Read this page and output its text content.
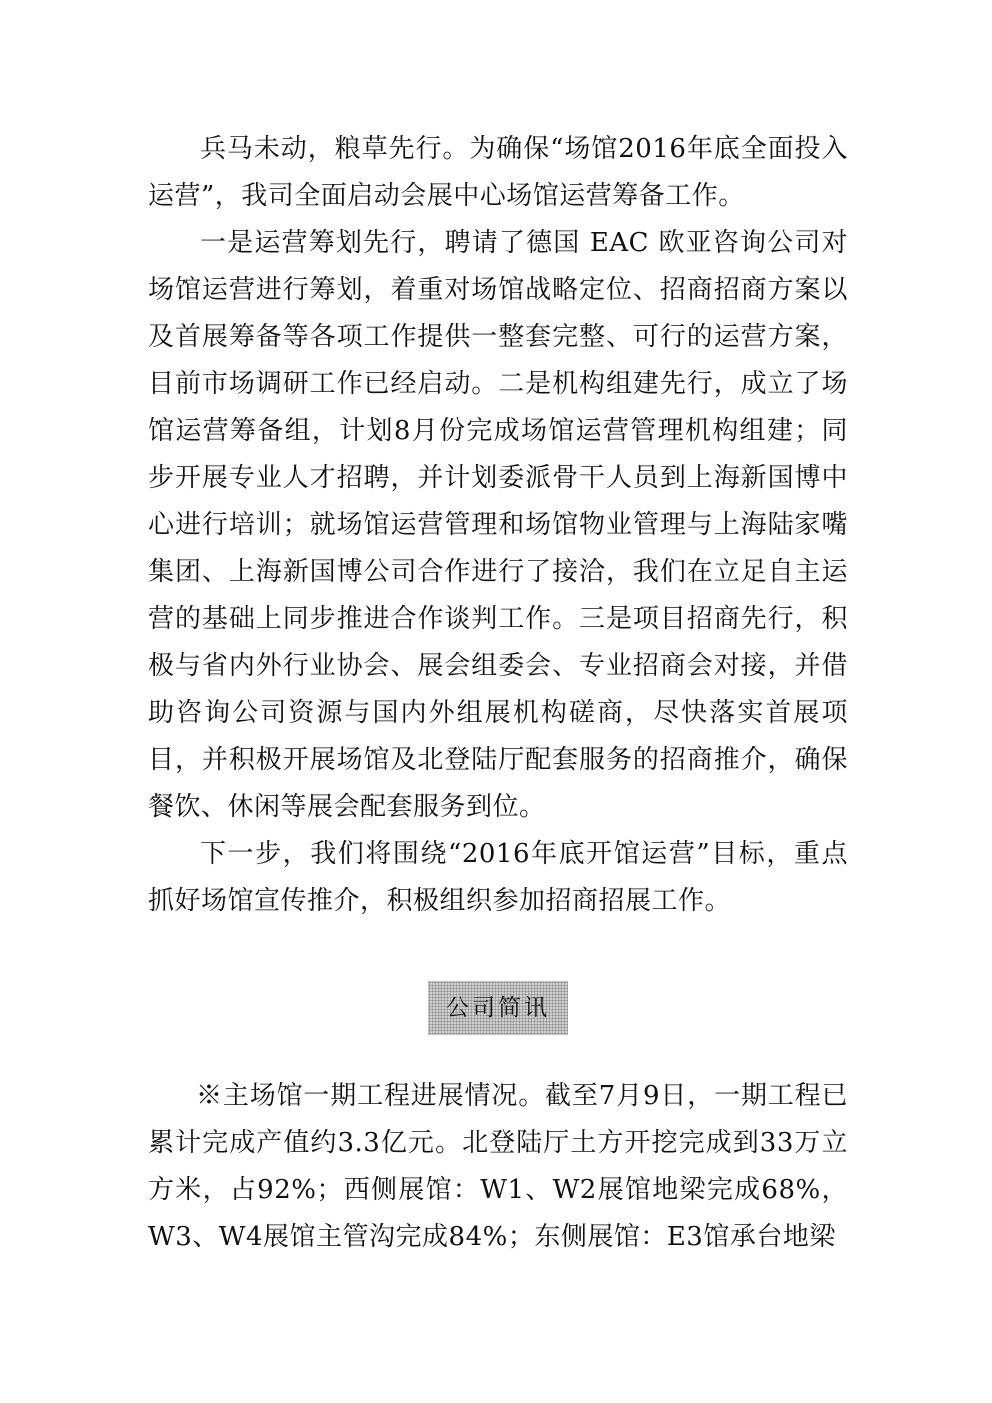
兵马未动，粮草先行。为确保“场馆2016年底全面投入运营”，我司全面启动会展中心场馆运营筹备工作。

一是运营筹划先行，聘请了德国 EAC 欧亚咨询公司对场馆运营进行筹划，着重对场馆战略定位、招商招商方案以及首展筹备等各项工作提供一整套完整、可行的运营方案，目前市场调研工作已经启动。二是机构组建先行，成立了场馆运营筹备组，计划8月份完成场馆运营管理机构组建；同步开展专业人才招聘，并计划委派骨干人员到上海新国博中心进行培训；就场馆运营管理和场馆物业管理与上海陆家嘴集团、上海新国博公司合作进行了接洽，我们在立足自主运营的基础上同步推进合作谈判工作。三是项目招商先行，积极与省内外行业协会、展会组委会、专业招商会对接，并借助咨询公司资源与国内外组展机构磋商，尽快落实首展项目，并积极开展场馆及北登陆厅配套服务的招商推介，确保餐饮、休闲等展会配套服务到位。

下一步，我们将围绕“2016年底开馆运营”目标，重点抓好场馆宣传推介，积极组织参加招商招展工作。

公司简讯

※主场馆一期工程进展情况。截至7月9日，一期工程已累计完成产值约3.3亿元。北登陆厅土方开挖完成到33万立方米，占92%；西侧展馆：W1、W2展馆地梁完成68%，W3、W4展馆主管沟完成84%；东侧展馆：E3馆承台地梁
